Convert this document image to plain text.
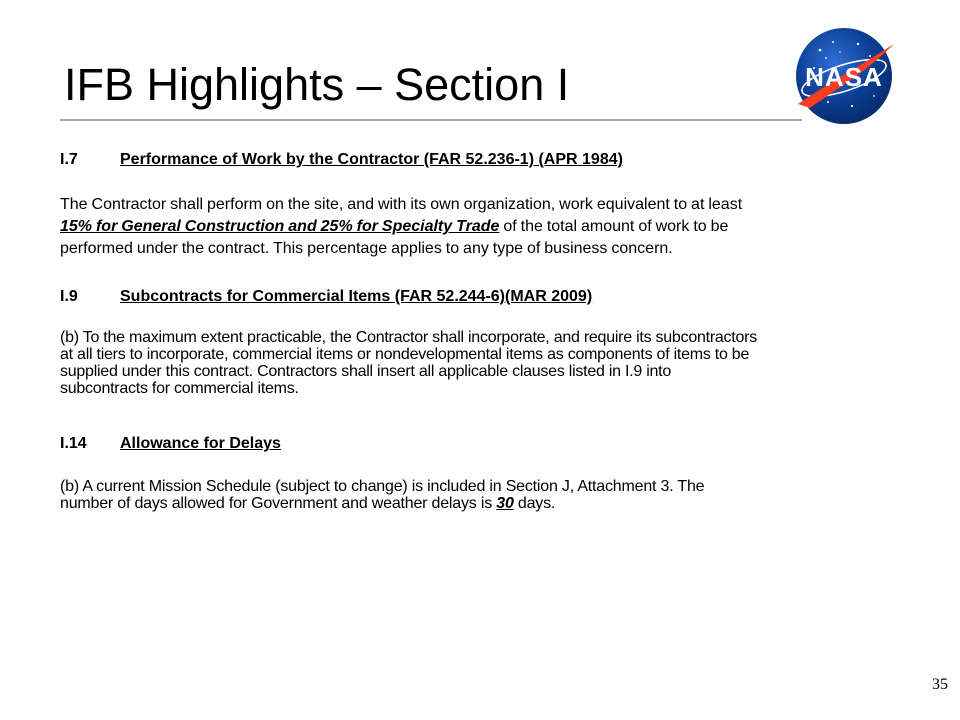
IFB Highlights – Section I	NASA
I.7	Performance of Work by the Contractor (FAR 52.236-1) (APR 1984)
The Contractor shall perform on the site, and with its own organization, work equivalent to at least
15% for General Construction and 25% for Specialty Trade of the total amount of work to be
performed under the contract. This percentage applies to any type of business concern.
I.9	Subcontracts for Commercial Items (FAR 52.244-6)(MAR 2009)
(b) To the maximum extent practicable, the Contractor shall incorporate, and require its subcontractors
at all tiers to incorporate, commercial items or nondevelopmental items as components of items to be
supplied under this contract. Contractors shall insert all applicable clauses listed in I.9 into
subcontracts for commercial items.
I.14 Allowance for Delays
(b) A current Mission Schedule (subject to change) is included in Section J, Attachment 3. The
number of days allowed for Government and weather delays is 30 days.
35
